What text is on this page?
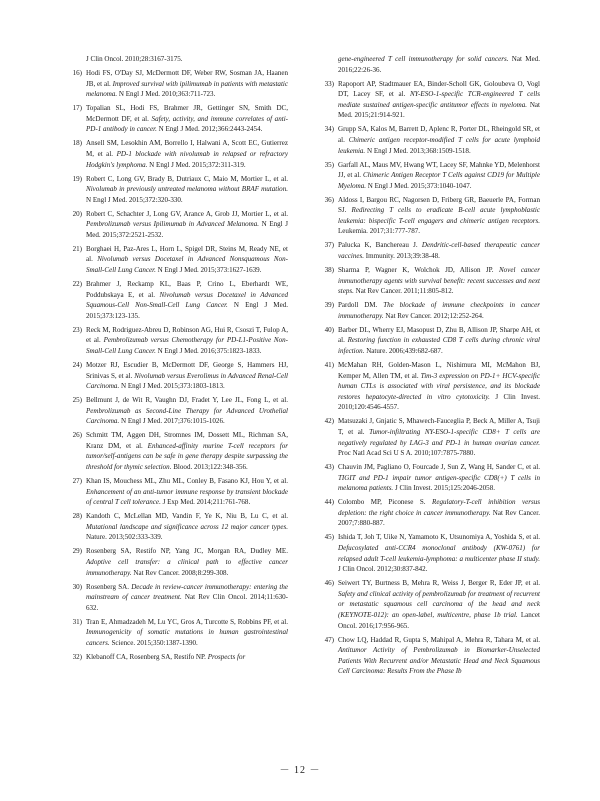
J Clin Oncol. 2010;28:3167-3175.

16) Hodi FS, O'Day SJ, McDermott DF, Weber RW, Sosman JA, Haanen JB, et al. Improved survival with ipilimumab in patients with metastatic melanoma. N Engl J Med. 2010;363:711-723.

17) Topalian SL, Hodi FS, Brahmer JR, Gettinger SN, Smith DC, McDermott DF, et al. Safety, activity, and immune correlates of anti-PD-1 antibody in cancer. N Engl J Med. 2012;366:2443-2454.

18) Ansell SM, Lesokhin AM, Borrello I, Halwani A, Scott EC, Gutierrez M, et al. PD-1 blockade with nivolumab in relapsed or refractory Hodgkin's lymphoma. N Engl J Med. 2015;372:311-319.

19) Robert C, Long GV, Brady B, Dutriaux C, Maio M, Mortier L, et al. Nivolumab in previously untreated melanoma without BRAF mutation. N Engl J Med. 2015;372:320-330.

20) Robert C, Schachter J, Long GV, Arance A, Grob JJ, Mortier L, et al. Pembrolizumab versus Ipilimumab in Advanced Melanoma. N Engl J Med. 2015;372:2521-2532.

21) Borghaei H, Paz-Ares L, Horn L, Spigel DR, Steins M, Ready NE, et al. Nivolumab versus Docetaxel in Advanced Nonsquamous Non-Small-Cell Lung Cancer. N Engl J Med. 2015;373:1627-1639.

22) Brahmer J, Reckamp KL, Baas P, Crino L, Eberhardt WE, Poddubskaya E, et al. Nivolumab versus Docetaxel in Advanced Squamous-Cell Non-Small-Cell Lung Cancer. N Engl J Med. 2015;373:123-135.

23) Reck M, Rodriguez-Abreu D, Robinson AG, Hui R, Csoszi T, Fulop A, et al. Pembrolizumab versus Chemotherapy for PD-L1-Positive Non-Small-Cell Lung Cancer. N Engl J Med. 2016;375:1823-1833.

24) Motzer RJ, Escudier B, McDermott DF, George S, Hammers HJ, Srinivas S, et al. Nivolumab versus Everolimus in Advanced Renal-Cell Carcinoma. N Engl J Med. 2015;373:1803-1813.

25) Bellmunt J, de Wit R, Vaughn DJ, Fradet Y, Lee JL, Fong L, et al. Pembrolizumab as Second-Line Therapy for Advanced Urothelial Carcinoma. N Engl J Med. 2017;376:1015-1026.

26) Schmitt TM, Aggen DH, Stromnes IM, Dossett ML, Richman SA, Kranz DM, et al. Enhanced-affinity murine T-cell receptors for tumor/self-antigens can be safe in gene therapy despite surpassing the threshold for thymic selection. Blood. 2013;122:348-356.

27) Khan IS, Mouchess ML, Zhu ML, Conley B, Fasano KJ, Hou Y, et al. Enhancement of an anti-tumor immune response by transient blockade of central T cell tolerance. J Exp Med. 2014;211:761-768.

28) Kandoth C, McLellan MD, Vandin F, Ye K, Niu B, Lu C, et al. Mutational landscape and significance across 12 major cancer types. Nature. 2013;502:333-339.

29) Rosenberg SA, Restifo NP, Yang JC, Morgan RA, Dudley ME. Adoptive cell transfer: a clinical path to effective cancer immunotherapy. Nat Rev Cancer. 2008;8:299-308.

30) Rosenberg SA. Decade in review-cancer immunotherapy: entering the mainstream of cancer treatment. Nat Rev Clin Oncol. 2014;11:630-632.

31) Tran E, Ahmadzadeh M, Lu YC, Gros A, Turcotte S, Robbins PF, et al. Immunogenicity of somatic mutations in human gastrointestinal cancers. Science. 2015;350:1387-1390.

32) Klebanoff CA, Rosenberg SA, Restifo NP. Prospects for

gene-engineered T cell immunotherapy for solid cancers. Nat Med. 2016;22:26-36.

33) Rapoport AP, Stadtmauer EA, Binder-Scholl GK, Goloubeva O, Vogl DT, Lacey SF, et al. NY-ESO-1-specific TCR-engineered T cells mediate sustained antigen-specific antitumor effects in myeloma. Nat Med. 2015;21:914-921.

34) Grupp SA, Kalos M, Barrett D, Aplenc R, Porter DL, Rheingold SR, et al. Chimeric antigen receptor-modified T cells for acute lymphoid leukemia. N Engl J Med. 2013;368:1509-1518.

35) Garfall AL, Maus MV, Hwang WT, Lacey SF, Mahnke YD, Melenhorst JJ, et al. Chimeric Antigen Receptor T Cells against CD19 for Multiple Myeloma. N Engl J Med. 2015;373:1040-1047.

36) Aldoss I, Bargou RC, Nagorsen D, Friberg GR, Baeuerle PA, Forman SJ. Redirecting T cells to eradicate B-cell acute lymphoblastic leukemia: bispecific T-cell engagers and chimeric antigen receptors. Leukemia. 2017;31:777-787.

37) Palucka K, Banchereau J. Dendritic-cell-based therapeutic cancer vaccines. Immunity. 2013;39:38-48.

38) Sharma P, Wagner K, Wolchok JD, Allison JP. Novel cancer immunotherapy agents with survival benefit: recent successes and next steps. Nat Rev Cancer. 2011;11:805-812.

39) Pardoll DM. The blockade of immune checkpoints in cancer immunotherapy. Nat Rev Cancer. 2012;12:252-264.

40) Barber DL, Wherry EJ, Masopust D, Zhu B, Allison JP, Sharpe AH, et al. Restoring function in exhausted CD8 T cells during chronic viral infection. Nature. 2006;439:682-687.

41) McMahan RH, Golden-Mason L, Nishimura MI, McMahon BJ, Kemper M, Allen TM, et al. Tim-3 expression on PD-1+ HCV-specific human CTLs is associated with viral persistence, and its blockade restores hepatocyte-directed in vitro cytotoxicity. J Clin Invest. 2010;120:4546-4557.

42) Matsuzaki J, Gnjatic S, Mhawech-Fauceglia P, Beck A, Miller A, Tsuji T, et al. Tumor-infiltrating NY-ESO-1-specific CD8+ T cells are negatively regulated by LAG-3 and PD-1 in human ovarian cancer. Proc Natl Acad Sci U S A. 2010;107:7875-7880.

43) Chauvin JM, Pagliano O, Fourcade J, Sun Z, Wang H, Sander C, et al. TIGIT and PD-1 impair tumor antigen-specific CD8(+) T cells in melanoma patients. J Clin Invest. 2015;125:2046-2058.

44) Colombo MP, Piconese S. Regulatory-T-cell inhibition versus depletion: the right choice in cancer immunotherapy. Nat Rev Cancer. 2007;7:880-887.

45) Ishida T, Joh T, Uike N, Yamamoto K, Utsunomiya A, Yoshida S, et al. Defucosylated anti-CCR4 monoclonal antibody (KW-0761) for relapsed adult T-cell leukemia-lymphoma: a multicenter phase II study. J Clin Oncol. 2012;30:837-842.

46) Seiwert TY, Burtness B, Mehra R, Weiss J, Berger R, Eder JP, et al. Safety and clinical activity of pembrolizumab for treatment of recurrent or metastatic squamous cell carcinoma of the head and neck (KEYNOTE-012): an open-label, multicentre, phase 1b trial. Lancet Oncol. 2016;17:956-965.

47) Chow LQ, Haddad R, Gupta S, Mahipal A, Mehra R, Tahara M, et al. Antitumor Activity of Pembrolizumab in Biomarker-Unselected Patients With Recurrent and/or Metastatic Head and Neck Squamous Cell Carcinoma: Results From the Phase Ib

－ 12 －
